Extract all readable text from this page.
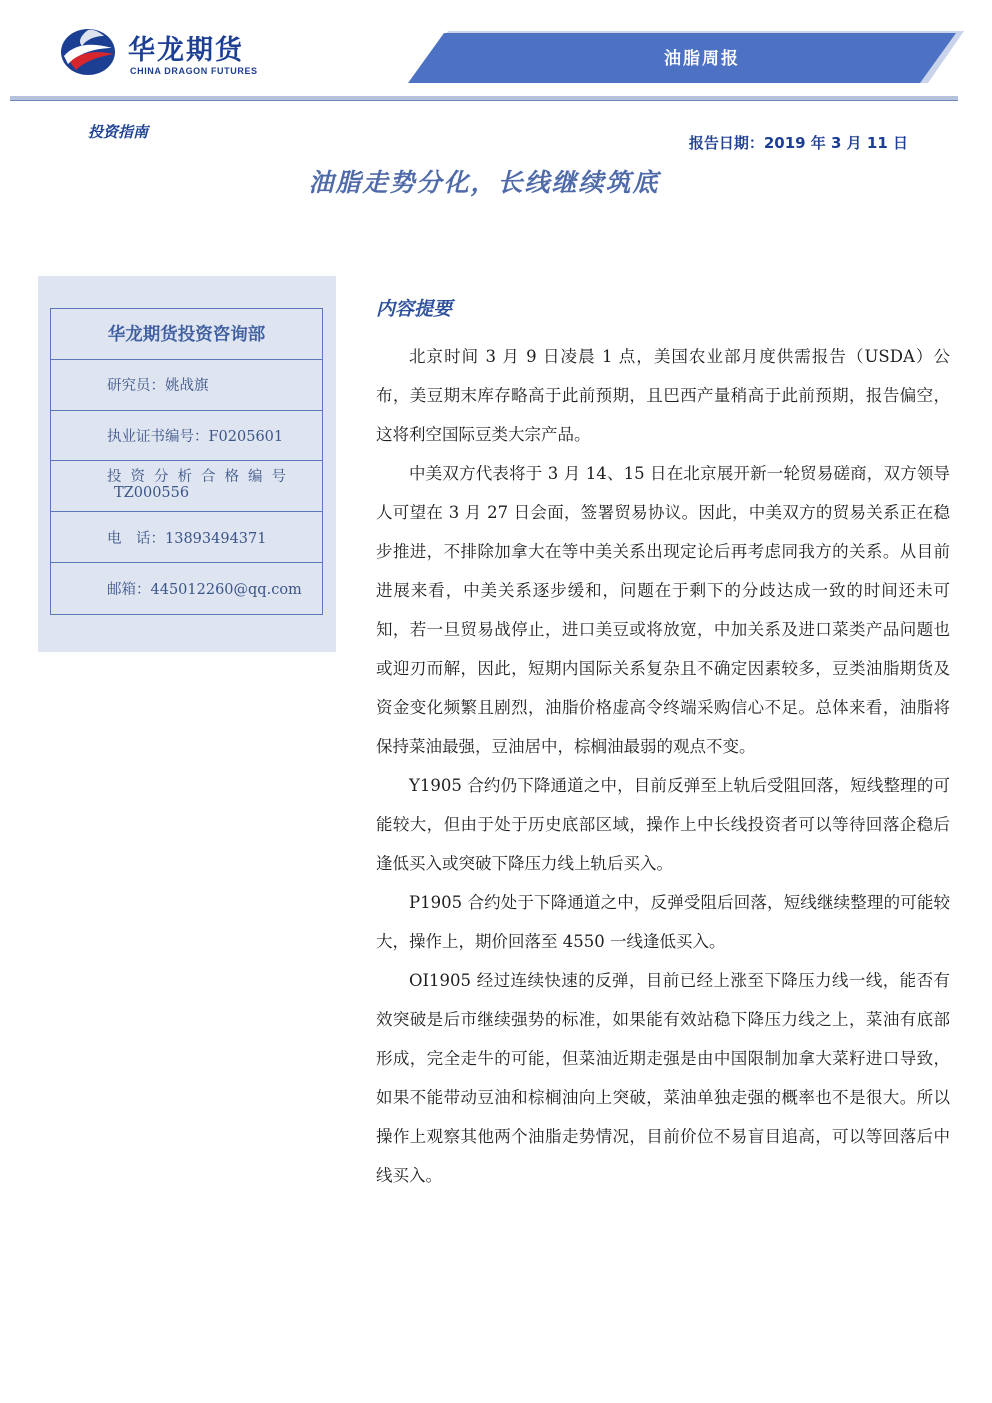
华龙期货
CHINA DRAGON FUTURES
油脂周报
投资指南
报告日期：2019 年 3 月 11 日
油脂走势分化，长线继续筑底
华龙期货投资咨询部
研究员：姚战旗
执业证书编号：F0205601
投资分析合格编号
TZ000556
电　话：13893494371
邮箱：445012260@qq.com
内容提要

北京时间 3 月 9 日凌晨 1 点，美国农业部月度供需报告（USDA）公布，美豆期末库存略高于此前预期，且巴西产量稍高于此前预期，报告偏空，这将利空国际豆类大宗产品。

中美双方代表将于 3 月 14、15 日在北京展开新一轮贸易磋商，双方领导人可望在 3 月 27 日会面，签署贸易协议。因此，中美双方的贸易关系正在稳步推进，不排除加拿大在等中美关系出现定论后再考虑同我方的关系。从目前进展来看，中美关系逐步缓和，问题在于剩下的分歧达成一致的时间还未可知，若一旦贸易战停止，进口美豆或将放宽，中加关系及进口菜类产品问题也或迎刃而解，因此，短期内国际关系复杂且不确定因素较多，豆类油脂期货及资金变化频繁且剧烈，油脂价格虚高令终端采购信心不足。总体来看，油脂将保持菜油最强，豆油居中，棕榈油最弱的观点不变。

Y1905 合约仍下降通道之中，目前反弹至上轨后受阻回落，短线整理的可能较大，但由于处于历史底部区域，操作上中长线投资者可以等待回落企稳后逢低买入或突破下降压力线上轨后买入。

P1905 合约处于下降通道之中，反弹受阻后回落，短线继续整理的可能较大，操作上，期价回落至 4550 一线逢低买入。

OI1905 经过连续快速的反弹，目前已经上涨至下降压力线一线，能否有效突破是后市继续强势的标准，如果能有效站稳下降压力线之上，菜油有底部形成，完全走牛的可能，但菜油近期走强是由中国限制加拿大菜籽进口导致，如果不能带动豆油和棕榈油向上突破，菜油单独走强的概率也不是很大。所以操作上观察其他两个油脂走势情况，目前价位不易盲目追高，可以等回落后中线买入。
